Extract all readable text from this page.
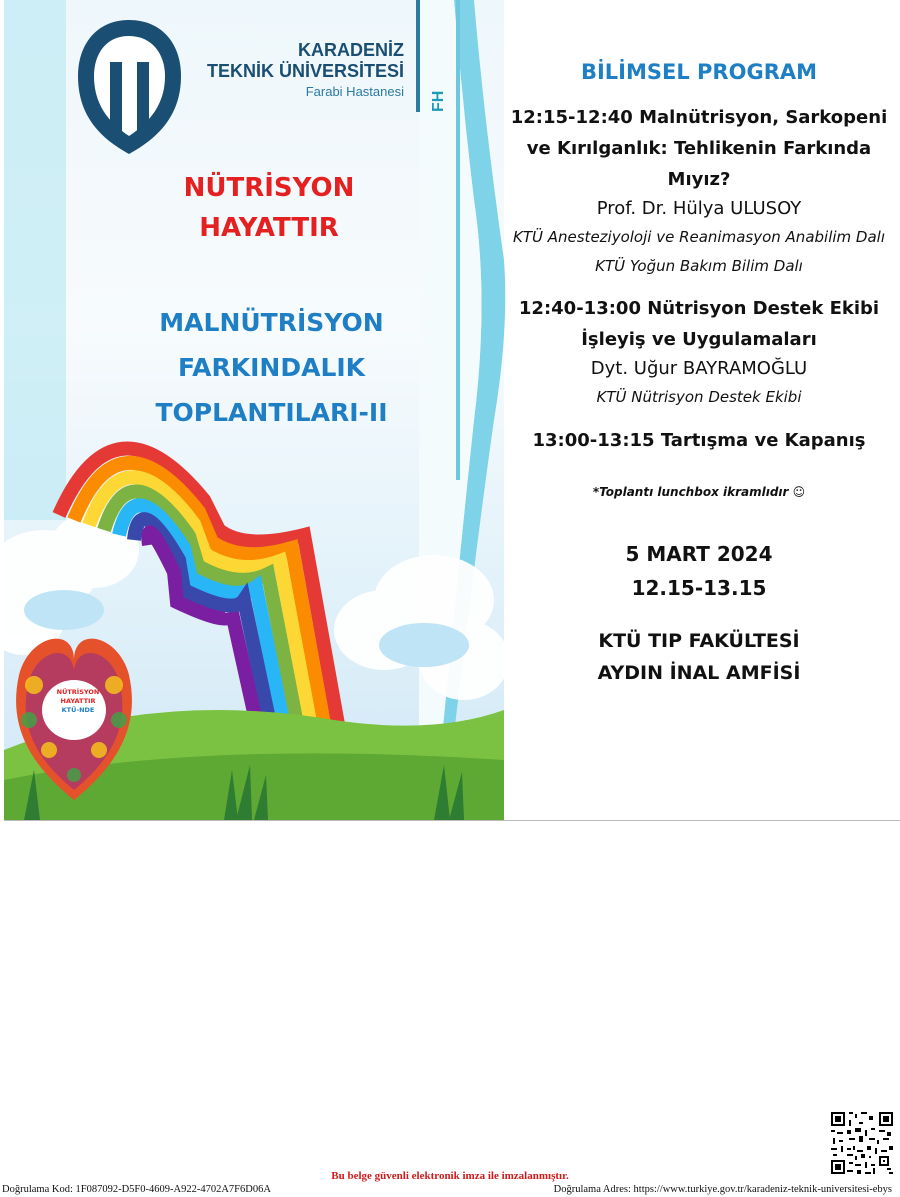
KARADENİZ
TEKNİK ÜNİVERSİTESİ
Farabi Hastanesi FH
NÜTRİSYON
HAYATTIR
MALNÜTRİSYON
FARKINDALIK
TOPLANTILARI-II
NÜTRİSYON
HAYATTIR
KTÜ-NDE
BİLİMSEL PROGRAM
12:15-12:40 Malnütrisyon, Sarkopeni ve Kırılganlık: Tehlikenin Farkında Mıyız?
Prof. Dr. Hülya ULUSOY
KTÜ Anesteziyoloji ve Reanimasyon Anabilim Dalı
KTÜ Yoğun Bakım Bilim Dalı
12:40-13:00 Nütrisyon Destek Ekibi İşleyiş ve Uygulamaları
Dyt. Uğur BAYRAMOĞLU
KTÜ Nütrisyon Destek Ekibi
13:00-13:15 Tartışma ve Kapanış
*Toplantı lunchbox ikramlıdır ☺
5 MART 2024
12.15-13.15
KTÜ TIP FAKÜLTESİ
AYDIN İNAL AMFİSİ
Bu belge güvenli elektronik imza ile imzalanmıştır.
Doğrulama Kod: 1F087092-D5F0-4609-A922-4702A7F6D06A	Doğrulama Adres: https://www.turkiye.gov.tr/karadeniz-teknik-universitesi-ebys
